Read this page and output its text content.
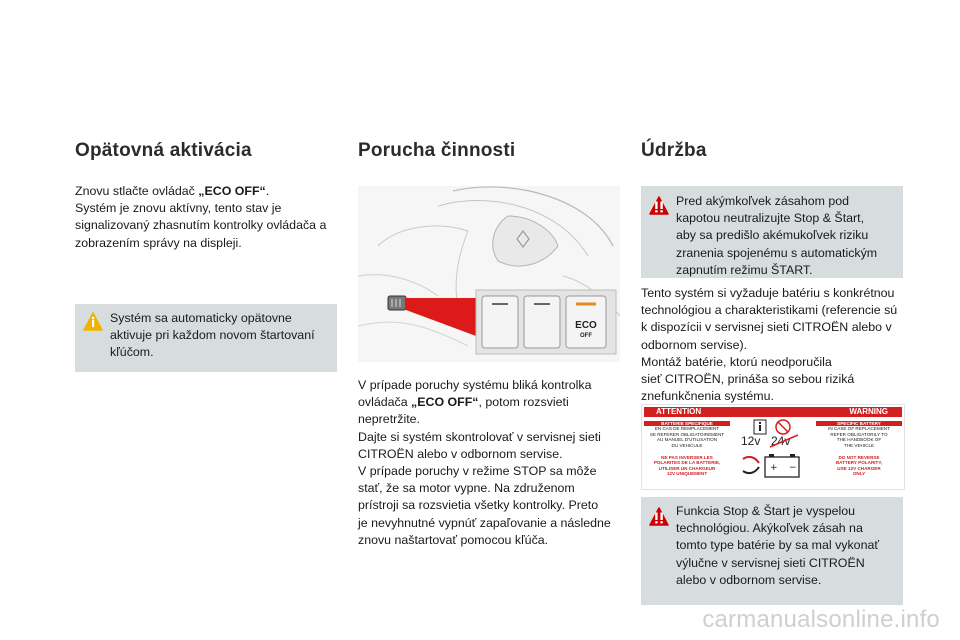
Opätovná aktivácia

Znovu stlačte ovládač „ECO OFF“.
Systém je znovu aktívny, tento stav je
signalizovaný zhasnutím kontrolky ovládača a
zobrazením správy na displeji.

Systém sa automaticky opätovne
aktivuje pri každom novom štartovaní
kľúčom.
Porucha činnosti
ECO
OFF

V prípade poruchy systému bliká kontrolka
ovládača „ECO OFF“, potom rozsvieti
nepretržite.
Dajte si systém skontrolovať v servisnej sieti
CITROËN alebo v odbornom servise.
V prípade poruchy v režime STOP sa môže
stať, že sa motor vypne. Na združenom
prístroji sa rozsvietia všetky kontrolky. Preto
je nevyhnutné vypnúť zapaľovanie a následne
znovu naštartovať pomocou kľúča.

Údržba
Pred akýmkoľvek zásahom pod
kapotou neutralizujte Stop & Štart,
aby sa predišlo akémukoľvek riziku
zranenia spojenému s automatickým
zapnutím režimu ŠTART.

Tento systém si vyžaduje batériu s konkrétnou
technológiou a charakteristikami (referencie sú
k dispozícii v servisnej sieti CITROËN alebo v
odbornom servise).
Montáž batérie, ktorú neodporučila
sieť CITROËN, prináša so sebou riziká
znefunkčnenia systému.

ATTENTION	WARNING
BATTERIE SPECIFIQUE
EN CAS DE REMPLACEMENT
SE REFERER OBLIGATOIREMENT
AU MANUEL D'UTILISATION
DU VEHICULE
NE PAS INVERSER LES
POLARITES DE LA BATTERIE,
UTILISER UN CHARGEUR
12V UNIQUEMENT
SPECIFIC BATTERY
IN CASE OF REPLACEMENT
REFER OBLIGATORILY TO
THE HANDBOOK OF
THE VEHICLE
DO NOT REVERSE
BATTERY POLARITY,
USE 12V CHARGER
ONLY
12v 24v
+ −
Funkcia Stop & Štart je vyspelou
technológiou. Akýkoľvek zásah na
tomto type batérie by sa mal vykonať
výlučne v servisnej sieti CITROËN
alebo v odbornom servise.
carmanualsonline.info
